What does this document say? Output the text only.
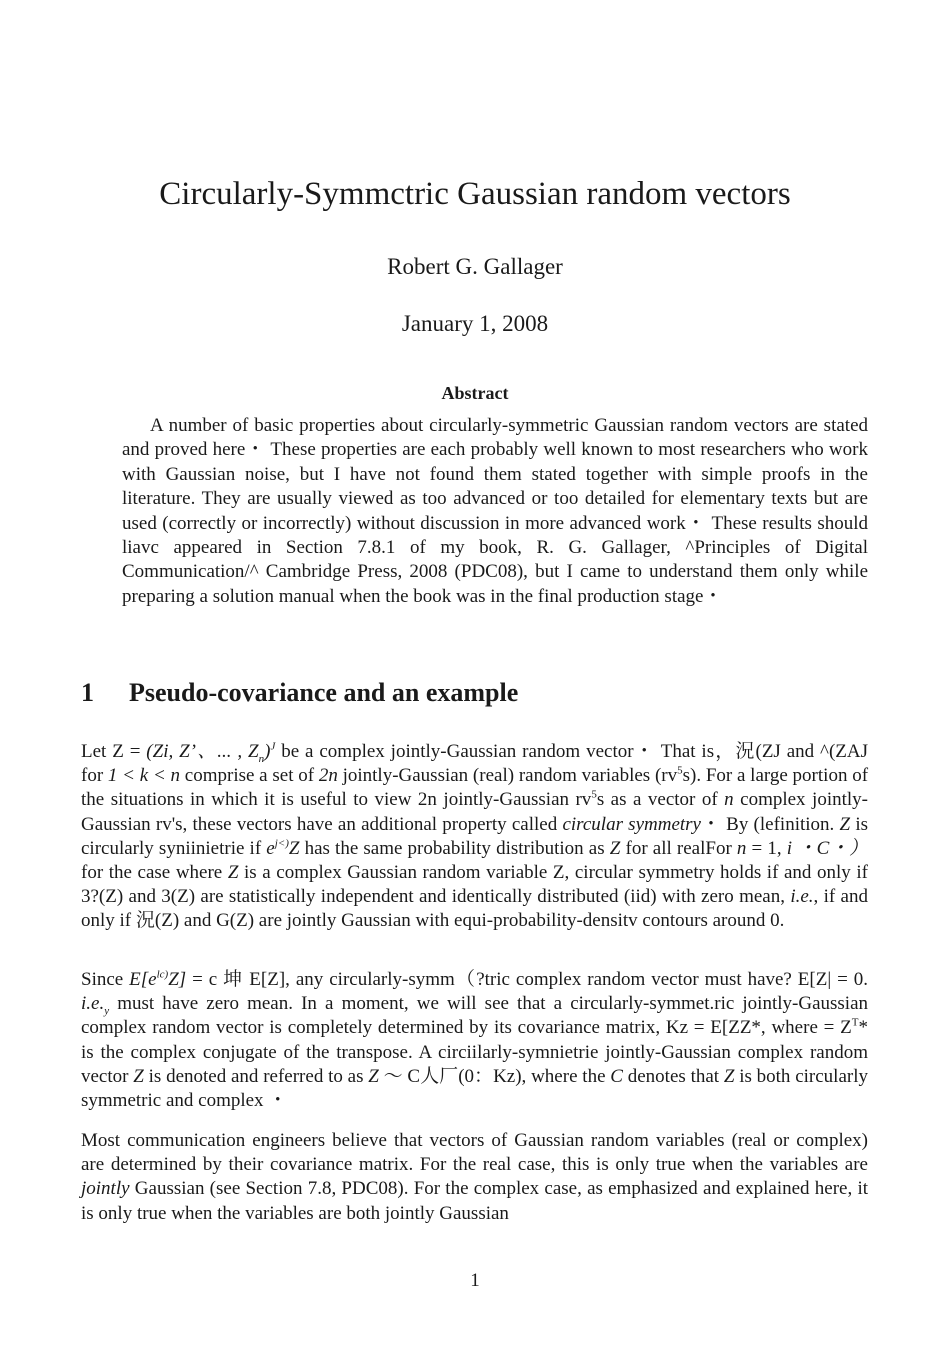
Circularly-Symmctric Gaussian random vectors
Robert G. Gallager
January 1, 2008
Abstract

A number of basic properties about circularly-symmetric Gaussian random vectors are stated and proved here・ These properties are each probably well known to most researchers who work with Gaussian noise, but I have not found them stated together with simple proofs in the literature. They are usually viewed as too advanced or too detailed for elementary texts but are used (correctly or incorrectly) without discussion in more advanced work・ These results should liavc appeared in Section 7.8.1 of my book, R. G. Gallager, ^Principles of Digital Communication/^ Cambridge Press, 2008 (PDC08), but I came to understand them only while preparing a solution manual when the book was in the final production stage・

1 Pseudo-covariance and an example

Let Z = (Zi, Z’、... , $Z_n)^J$ be a complex jointly-Gaussian random vector・ That is，況(ZJ and ^(ZAJ for 1 < k < n comprise a set of 2n jointly-Gaussian (real) random variables $(rv^5s)$. For a large portion of the situations in which it is useful to view 2n jointly-Gaussian $rv^5s$ as a vector of n complex jointly-Gaussian rv's, these vectors have an additional property called circular symmetry・ By (lefinition. Z is circularly syniinietrie if $e^{j<)}Z$ has the same probability distribution as Z for all realFor n = 1, i ・C・）for the case where Z is a complex Gaussian random variable Z, circular symmetry holds if and only if 3?(Z) and 3(Z) are statistically independent and identically distributed (iid) with zero mean, i.e., if and only if 況(Z) and G(Z) are jointly Gaussian with equi-probability-densitv contours around 0.

Since $E[e^{lc)}Z] = c$ 坤 E[Z], any circularly-symm（?tric complex random vector must have? E[Z| = 0. $i.e._y$ must have zero mean. In a moment, we will see that a circularly-symmet.ric jointly-Gaussian complex random vector is completely determined by its covariance matrix, Kz = E[ZZ*, where = $Z^T*$ is the complex conjugate of the transpose. A circiilarly-symnietrie jointly-Gaussian complex random vector Z is denoted and referred to as Z 〜 C人厂(0：Kz), where the C denotes that Z is both circularly symmetric and complex ・

Most communication engineers believe that vectors of Gaussian random variables (real or complex) are determined by their covariance matrix. For the real case, this is only true when the variables are jointly Gaussian (see Section 7.8, PDC08). For the complex case, as emphasized and explained here, it is only true when the variables are both jointly Gaussian

1
